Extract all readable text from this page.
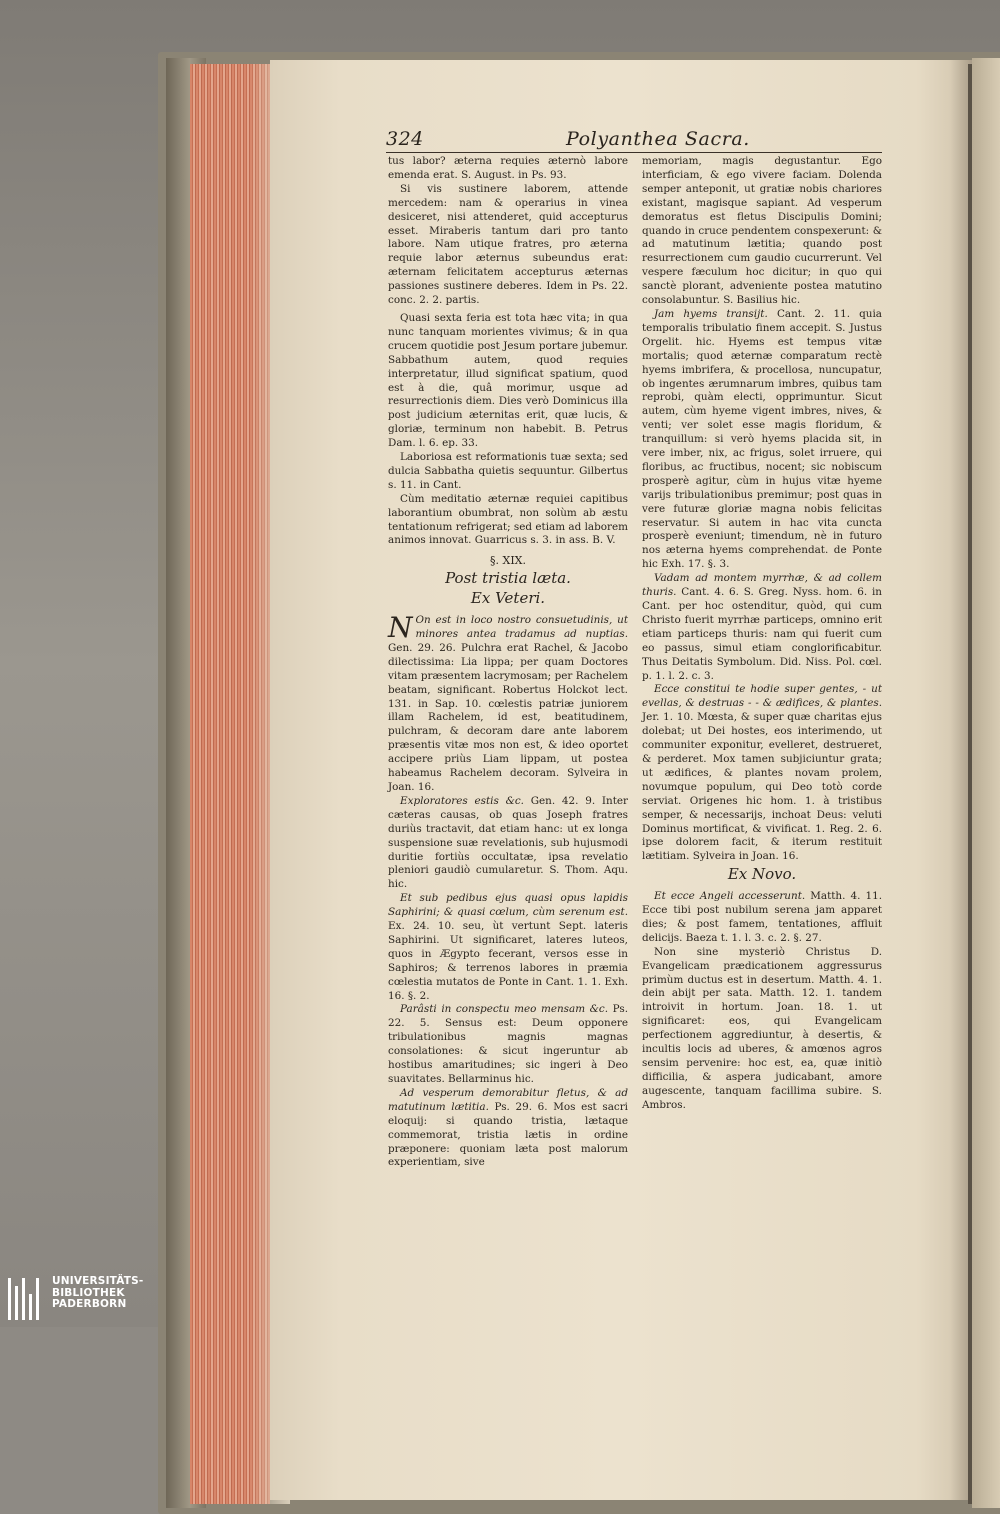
324	Polyanthea Sacra.

tus labor? æterna requies æternò labore emenda erat. S. August. in Ps. 93.

Si vis sustinere laborem, attende mercedem: nam & operarius in vinea desiceret, nisi attenderet, quid accepturus esset. Miraberis tantum dari pro tanto labore. Nam utique fratres, pro æterna requie labor æternus subeundus erat: æternam felicitatem accepturus æternas passiones sustinere deberes. Idem in Ps. 22. conc. 2. 2. partis.

Quasi sexta feria est tota hæc vita; in qua nunc tanquam morientes vivimus; & in qua crucem quotidie post Jesum portare jubemur. Sabbathum autem, quod requies interpretatur, illud significat spatium, quod est à die, quâ morimur, usque ad resurrectionis diem. Dies verò Dominicus illa post judicium æternitas erit, quæ lucis, & gloriæ, terminum non habebit. B. Petrus Dam. l. 6. ep. 33.

Laboriosa est reformationis tuæ sexta; sed dulcia Sabbatha quietis sequuntur. Gilbertus s. 11. in Cant.

Cùm meditatio æternæ requiei capitibus laborantium obumbrat, non solùm ab æstu tentationum refrigerat; sed etiam ad laborem animos innovat. Guarricus s. 3. in ass. B. V.

§. XIX.
Post tristia læta.
Ex Veteri.

N On est in loco nostro consuetudinis, ut minores antea tradamus ad nuptias. Gen. 29. 26. Pulchra erat Rachel, & Jacobo dilectissima: Lia lippa; per quam Doctores vitam præsentem lacrymosam; per Rachelem beatam, significant. Robertus Holckot lect. 131. in Sap. 10. cœlestis patriæ juniorem illam Rachelem, id est, beatitudinem, pulchram, & decoram dare ante laborem præsentis vitæ mos non est, & ideo oportet accipere priùs Liam lippam, ut postea habeamus Rachelem decoram. Sylveira in Joan. 16.

Exploratores estis &c. Gen. 42. 9. Inter cæteras causas, ob quas Joseph fratres duriùs tractavit, dat etiam hanc: ut ex longa suspensione suæ revelationis, sub hujusmodi duritie fortiùs occultatæ, ipsa revelatio pleniori gaudiò cumularetur. S. Thom. Aqu. hic.

Et sub pedibus ejus quasi opus lapidis Saphirini; & quasi cœlum, cùm serenum est. Ex. 24. 10. seu, ùt vertunt Sept. lateris Saphirini. Ut significaret, lateres luteos, quos in Ægypto fecerant, versos esse in Saphiros; & terrenos labores in præmia cœlestia mutatos de Ponte in Cant. 1. 1. Exh. 16. §. 2.

Parâsti in conspectu meo mensam &c. Ps. 22. 5. Sensus est: Deum opponere tribulationibus magnis magnas consolationes: & sicut ingeruntur ab hostibus amaritudines; sic ingeri à Deo suavitates. Bellarminus hic.

Ad vesperum demorabitur fletus, & ad matutinum lætitia. Ps. 29. 6. Mos est sacri eloquij: si quando tristia, lætaque commemorat, tristia lætis in ordine præponere: quoniam læta post malorum experientiam, sive

memoriam, magis degustantur. Ego interficiam, & ego vivere faciam. Dolenda semper anteponit, ut gratiæ nobis chariores existant, magisque sapiant. Ad vesperum demoratus est fletus Discipulis Domini; quando in cruce pendentem conspexerunt: & ad matutinum lætitia; quando post resurrectionem cum gaudio cucurrerunt. Vel vespere fæculum hoc dicitur; in quo qui sanctè plorant, adveniente postea matutino consolabuntur. S. Basilius hic.

Jam hyems transijt. Cant. 2. 11. quia temporalis tribulatio finem accepit. S. Justus Orgelit. hic. Hyems est tempus vitæ mortalis; quod æternæ comparatum rectè hyems imbrifera, & procellosa, nuncupatur, ob ingentes ærumnarum imbres, quibus tam reprobi, quàm electi, opprimuntur. Sicut autem, cùm hyeme vigent imbres, nives, & venti; ver solet esse magis floridum, & tranquillum: si verò hyems placida sit, in vere imber, nix, ac frigus, solet irruere, qui floribus, ac fructibus, nocent; sic nobiscum prosperè agitur, cùm in hujus vitæ hyeme varijs tribulationibus premimur; post quas in vere futuræ gloriæ magna nobis felicitas reservatur. Si autem in hac vita cuncta prosperè eveniunt; timendum, nè in futuro nos æterna hyems comprehendat. de Ponte hic Exh. 17. §. 3.

Vadam ad montem myrrhæ, & ad collem thuris. Cant. 4. 6. S. Greg. Nyss. hom. 6. in Cant. per hoc ostenditur, quòd, qui cum Christo fuerit myrrhæ particeps, omnino erit etiam particeps thuris: nam qui fuerit cum eo passus, simul etiam conglorificabitur. Thus Deitatis Symbolum. Did. Niss. Pol. cœl. p. 1. l. 2. c. 3.

Ecce constitui te hodie super gentes, - ut evellas, & destruas - - & ædifices, & plantes. Jer. 1. 10. Mœsta, & super quæ charitas ejus dolebat; ut Dei hostes, eos interimendo, ut communiter exponitur, evelleret, destrueret, & perderet. Mox tamen subjiciuntur grata; ut ædifices, & plantes novam prolem, novumque populum, qui Deo totò corde serviat. Origenes hic hom. 1. à tristibus semper, & necessarijs, inchoat Deus: veluti Dominus mortificat, & vivificat. 1. Reg. 2. 6. ipse dolorem facit, & iterum restituit lætitiam. Sylveira in Joan. 16.

Ex Novo.

Et ecce Angeli accesserunt. Matth. 4. 11. Ecce tibi post nubilum serena jam apparet dies; & post famem, tentationes, affluit delicijs. Baeza t. 1. l. 3. c. 2. §. 27.

Non sine mysteriò Christus D. Evangelicam prædicationem aggressurus primùm ductus est in desertum. Matth. 4. 1. dein abijt per sata. Matth. 12. 1. tandem introivit in hortum. Joan. 18. 1. ut significaret: eos, qui Evangelicam perfectionem aggrediuntur, à desertis, & incultis locis ad uberes, & amœnos agros sensim pervenire: hoc est, ea, quæ initiò difficilia, & aspera judicabant, amore augescente, tanquam facillima subire. S. Ambros.

UNIVERSITÄTS-
BIBLIOTHEK
PADERBORN
